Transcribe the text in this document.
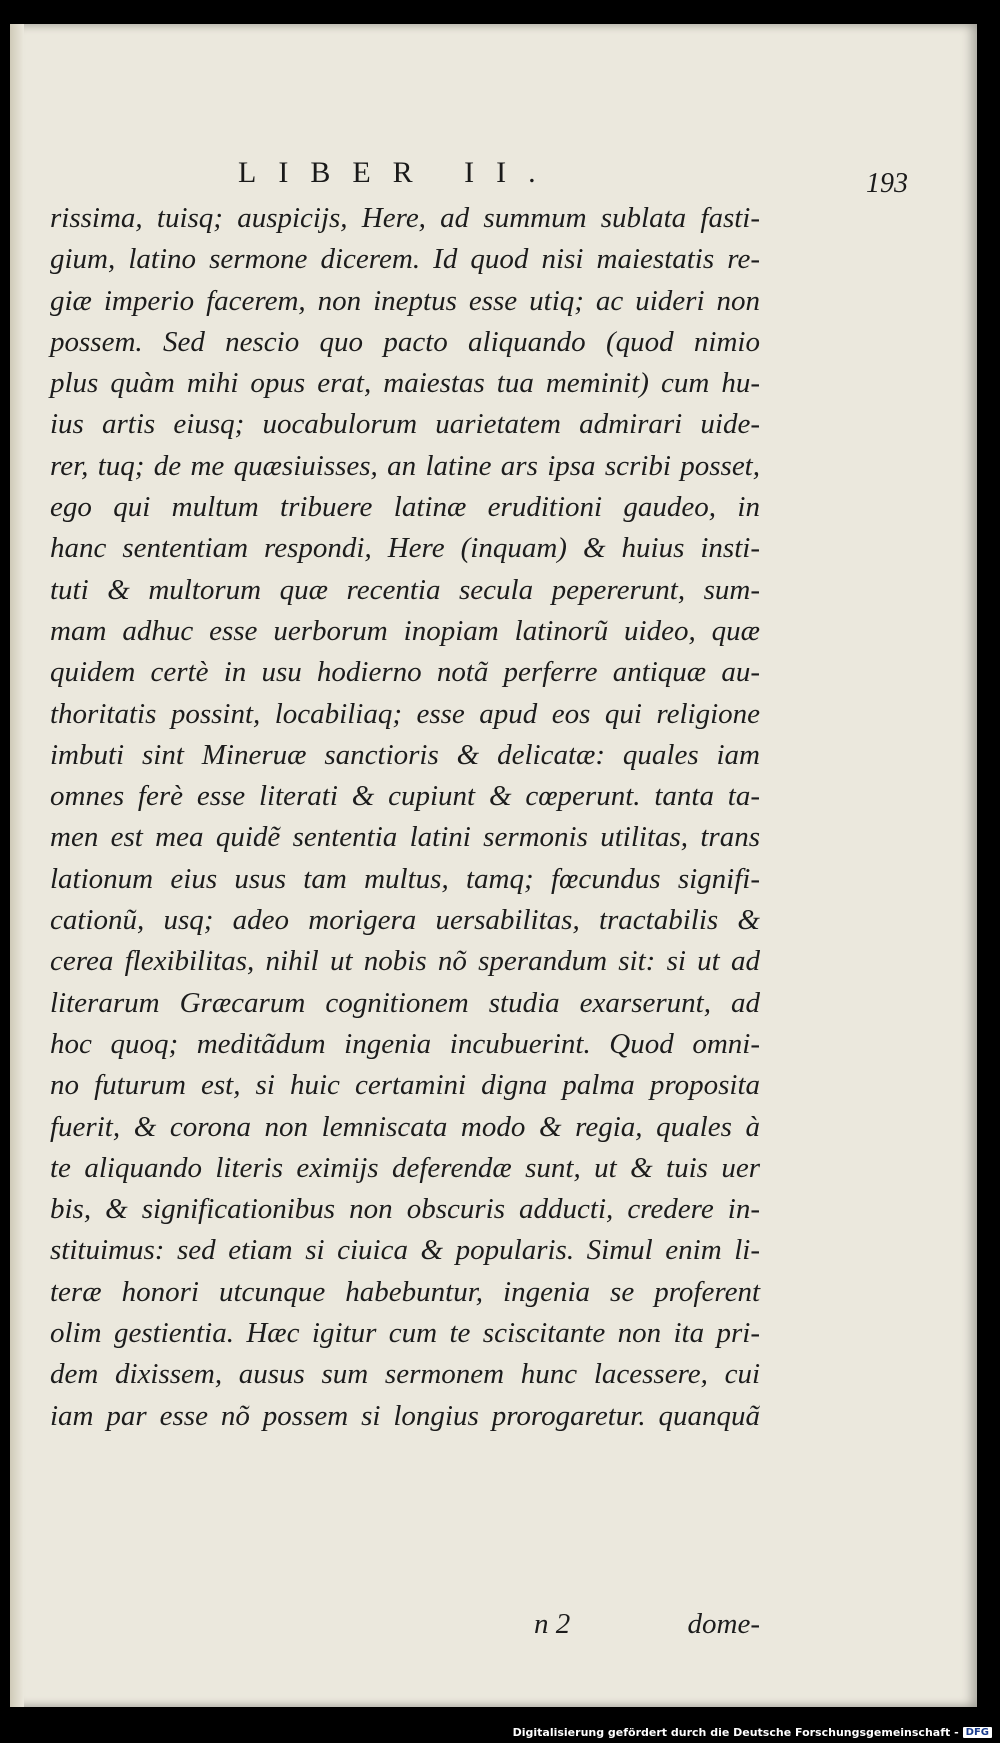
LIBER II.	193
rissima, tuisq; auspicijs, Here, ad summum sublata fasti-
gium, latino sermone dicerem. Id quod nisi maiestatis re-
giæ imperio facerem, non ineptus esse utiq; ac uideri non
possem. Sed nescio quo pacto aliquando (quod nimio
plus quàm mihi opus erat, maiestas tua meminit) cum hu-
ius artis eiusq; uocabulorum uarietatem admirari uide-
rer, tuq; de me quæsiuisses, an latine ars ipsa scribi posset,
ego qui multum tribuere latinæ eruditioni gaudeo, in
hanc sententiam respondi, Here (inquam) & huius insti-
tuti & multorum quæ recentia secula pepererunt, sum-
mam adhuc esse uerborum inopiam latinorũ uideo, quæ
quidem certè in usu hodierno notã perferre antiquæ au-
thoritatis possint, locabiliaq; esse apud eos qui religione
imbuti sint Mineruæ sanctioris & delicatæ: quales iam
omnes ferè esse literati & cupiunt & cœperunt. tanta ta-
men est mea quidẽ sententia latini sermonis utilitas, trans
lationum eius usus tam multus, tamq; fœcundus signifi-
cationũ, usq; adeo morigera uersabilitas, tractabilis &
cerea flexibilitas, nihil ut nobis nõ sperandum sit: si ut ad
literarum Græcarum cognitionem studia exarserunt, ad
hoc quoq; meditãdum ingenia incubuerint. Quod omni-
no futurum est, si huic certamini digna palma proposita
fuerit, & corona non lemniscata modo & regia, quales à
te aliquando literis eximijs deferendæ sunt, ut & tuis uer
bis, & significationibus non obscuris adducti, credere in-
stituimus: sed etiam si ciuica & popularis. Simul enim li-
teræ honori utcunque habebuntur, ingenia se proferent
olim gestientia. Hæc igitur cum te sciscitante non ita pri-
dem dixissem, ausus sum sermonem hunc lacessere, cui
iam par esse nõ possem si longius prorogaretur. quanquã
n 2	dome-
Digitalisierung gefördert durch die Deutsche Forschungsgemeinschaft - DFG
